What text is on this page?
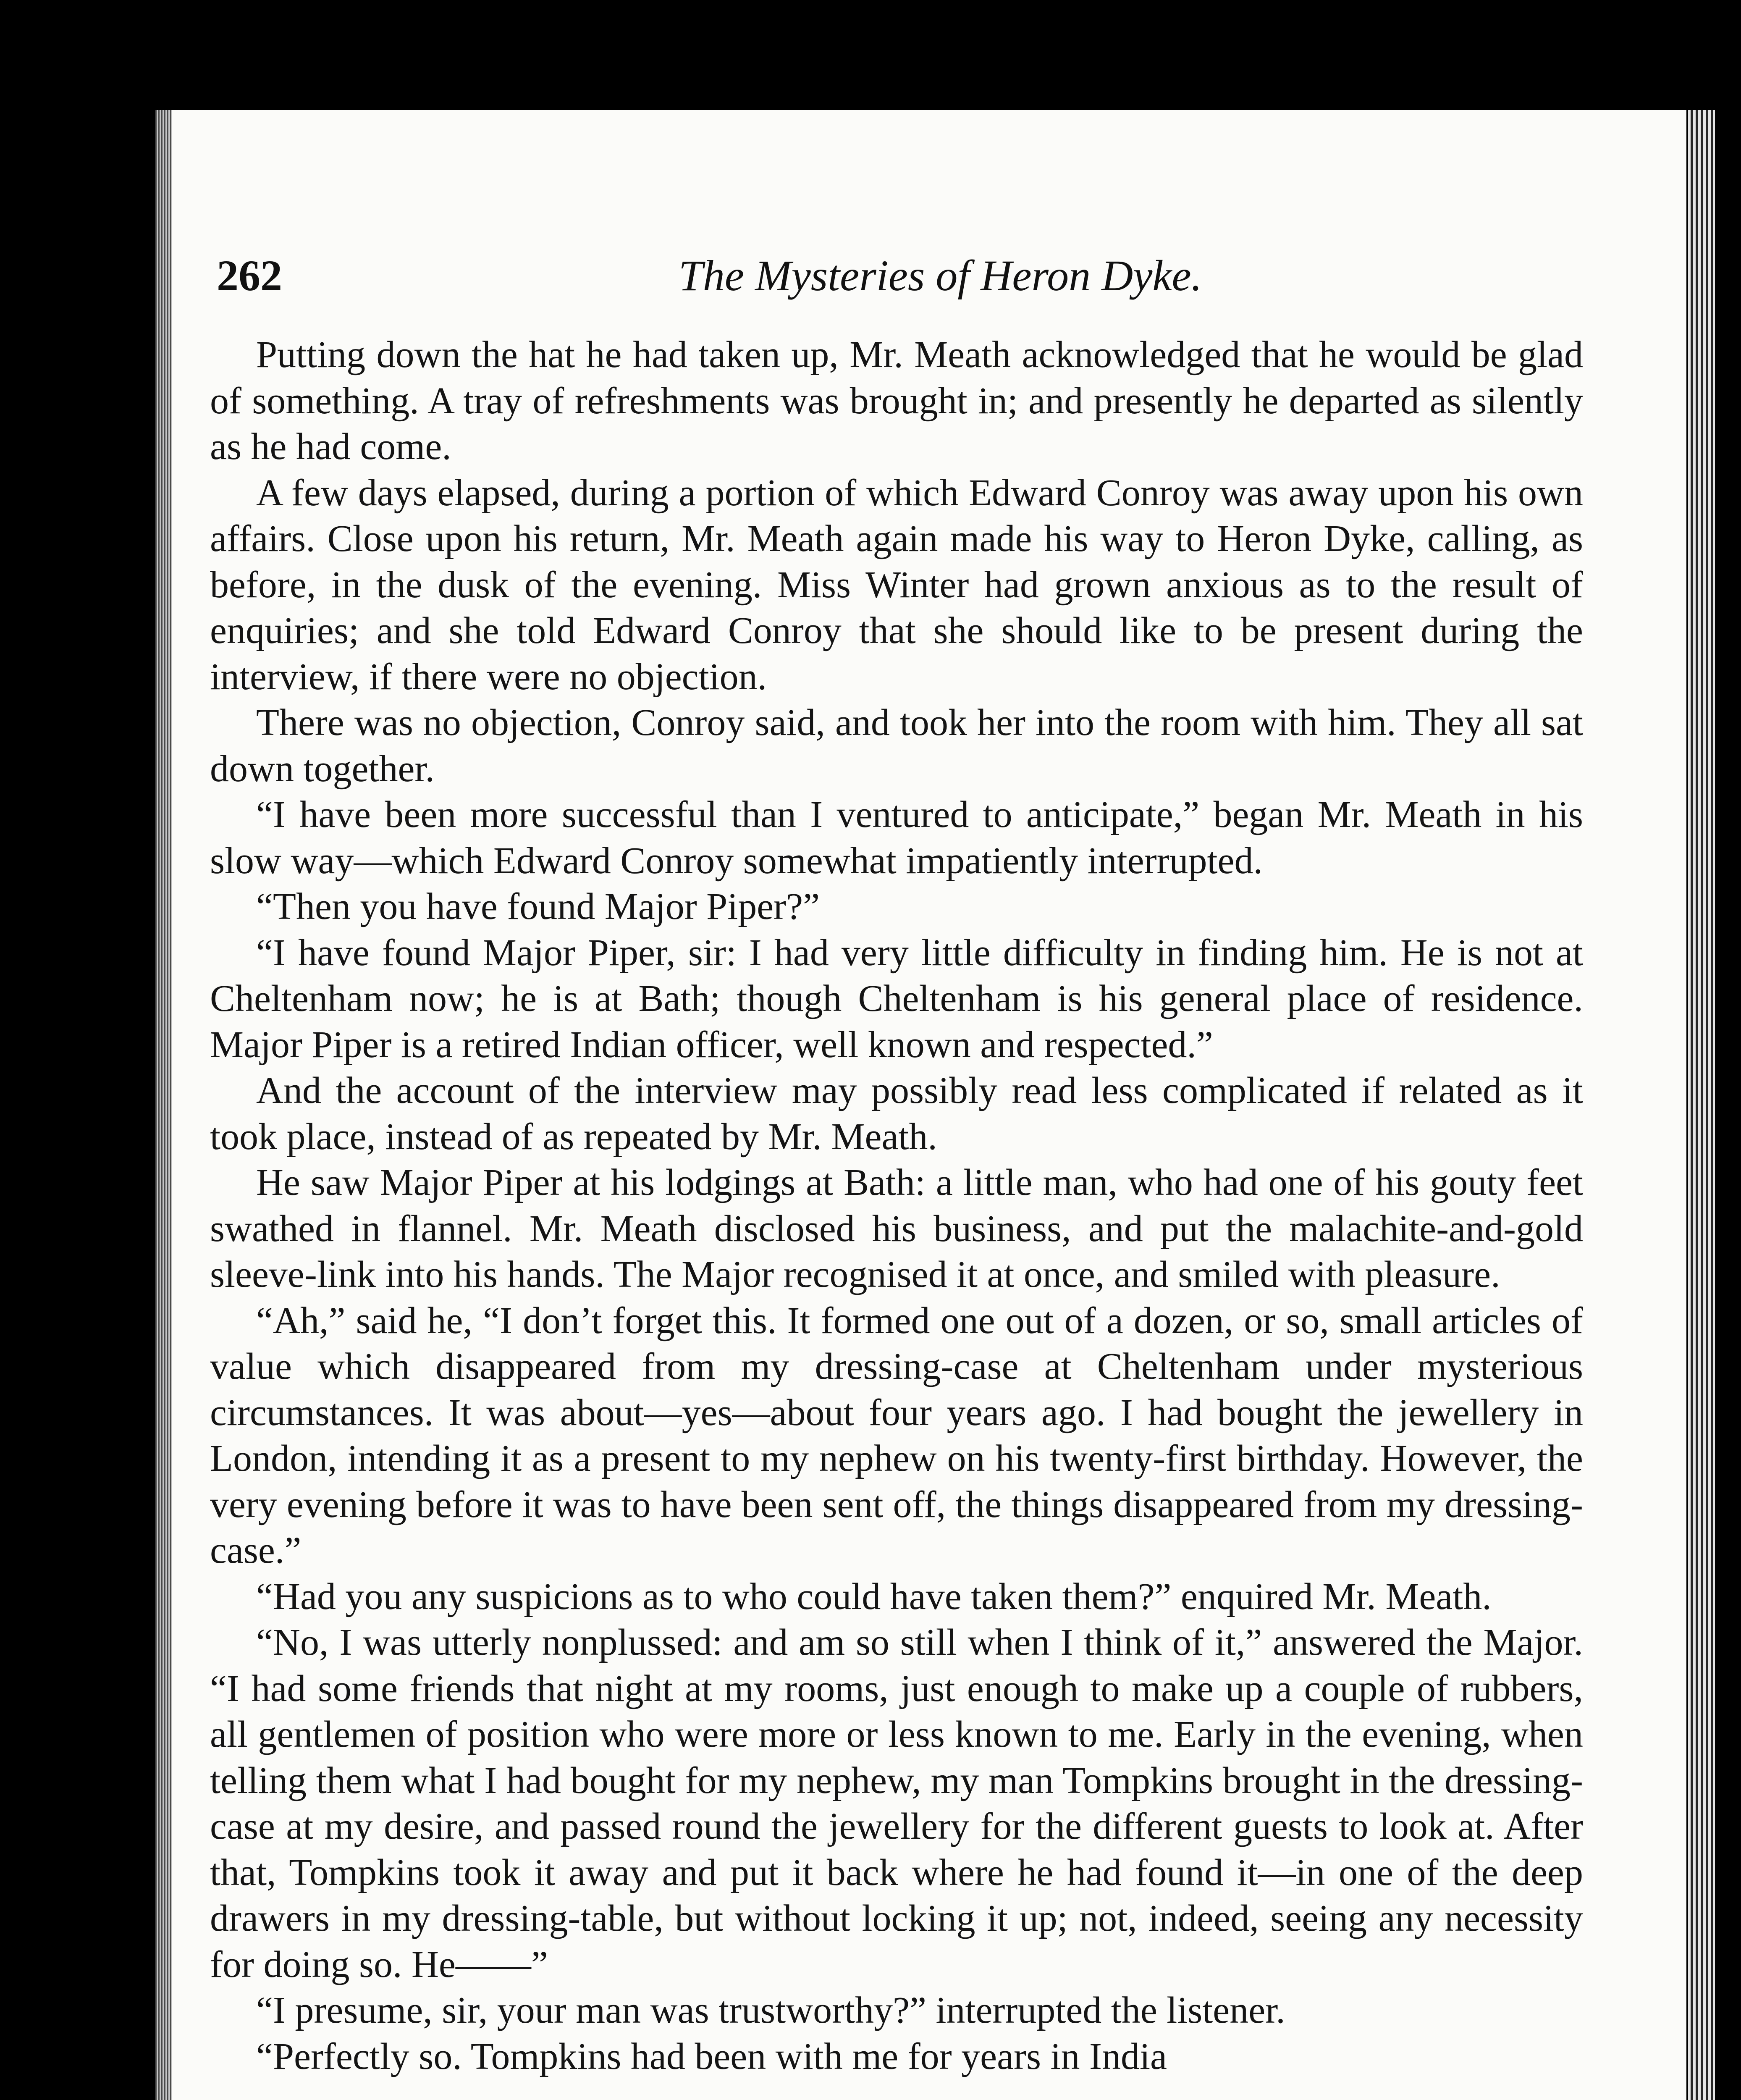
262	The Mysteries of Heron Dyke.

Putting down the hat he had taken up, Mr. Meath acknowledged that he would be glad of something. A tray of refreshments was brought in; and presently he departed as silently as he had come.

A few days elapsed, during a portion of which Edward Conroy was away upon his own affairs. Close upon his return, Mr. Meath again made his way to Heron Dyke, calling, as before, in the dusk of the evening. Miss Winter had grown anxious as to the result of enquiries; and she told Edward Conroy that she should like to be present during the interview, if there were no objection.

There was no objection, Conroy said, and took her into the room with him. They all sat down together.

“I have been more successful than I ventured to anticipate,” began Mr. Meath in his slow way—which Edward Conroy somewhat impatiently interrupted.

“Then you have found Major Piper?”

“I have found Major Piper, sir: I had very little difficulty in finding him. He is not at Cheltenham now; he is at Bath; though Cheltenham is his general place of residence. Major Piper is a retired Indian officer, well known and respected.”

And the account of the interview may possibly read less complicated if related as it took place, instead of as repeated by Mr. Meath.

He saw Major Piper at his lodgings at Bath: a little man, who had one of his gouty feet swathed in flannel. Mr. Meath disclosed his business, and put the malachite-and-gold sleeve-link into his hands. The Major recognised it at once, and smiled with pleasure.

“Ah,” said he, “I don’t forget this. It formed one out of a dozen, or so, small articles of value which disappeared from my dressing-case at Cheltenham under mysterious circumstances. It was about—yes—about four years ago. I had bought the jewellery in London, intending it as a present to my nephew on his twenty-first birthday. However, the very evening before it was to have been sent off, the things disappeared from my dressing-case.”

“Had you any suspicions as to who could have taken them?” enquired Mr. Meath.

“No, I was utterly nonplussed: and am so still when I think of it,” answered the Major. “I had some friends that night at my rooms, just enough to make up a couple of rubbers, all gentlemen of position who were more or less known to me. Early in the evening, when telling them what I had bought for my nephew, my man Tompkins brought in the dressing-case at my desire, and passed round the jewellery for the different guests to look at. After that, Tompkins took it away and put it back where he had found it—in one of the deep drawers in my dressing-table, but without locking it up; not, indeed, seeing any necessity for doing so. He——”

“I presume, sir, your man was trustworthy?” interrupted the listener.

“Perfectly so. Tompkins had been with me for years in India
